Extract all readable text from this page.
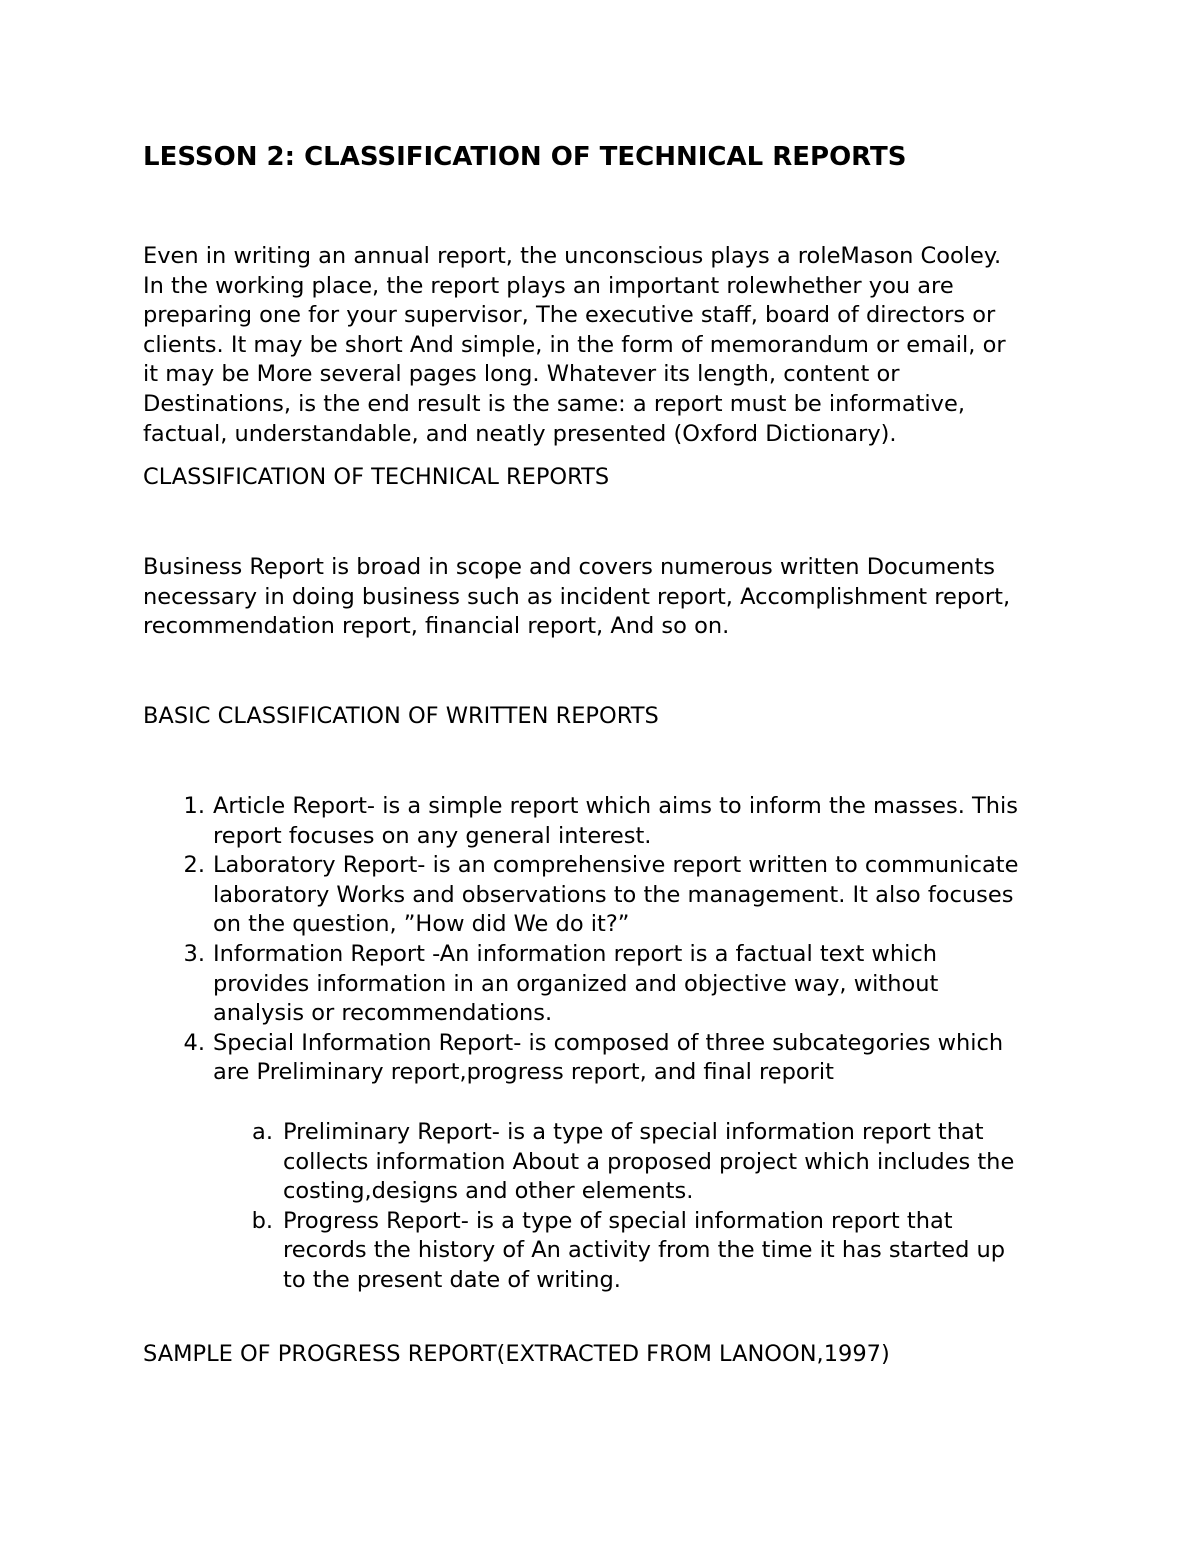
LESSON 2: CLASSIFICATION OF TECHNICAL REPORTS

Even in writing an annual report, the unconscious plays a roleMason Cooley.
In the working place, the report plays an important rolewhether you are
preparing one for your supervisor, The executive staff, board of directors or
clients. It may be short And simple, in the form of memorandum or email, or
it may be More several pages long. Whatever its length, content or
Destinations, is the end result is the same: a report must be informative,
factual, understandable, and neatly presented (Oxford Dictionary).

CLASSIFICATION OF TECHNICAL REPORTS

Business Report is broad in scope and covers numerous written Documents
necessary in doing business such as incident report, Accomplishment report,
recommendation report, financial report, And so on.

BASIC CLASSIFICATION OF WRITTEN REPORTS

1. Article Report- is a simple report which aims to inform the masses. This
report focuses on any general interest.
2. Laboratory Report- is an comprehensive report written to communicate
laboratory Works and observations to the management. It also focuses
on the question, ”How did We do it?”
3. Information Report -An information report is a factual text which
provides information in an organized and objective way, without
analysis or recommendations.
4. Special Information Report- is composed of three subcategories which
are Preliminary report,progress report, and final reporit
a. Preliminary Report- is a type of special information report that
collects information About a proposed project which includes the
costing,designs and other elements.
b. Progress Report- is a type of special information report that
records the history of An activity from the time it has started up
to the present date of writing.

SAMPLE OF PROGRESS REPORT(EXTRACTED FROM LANOON,1997)
